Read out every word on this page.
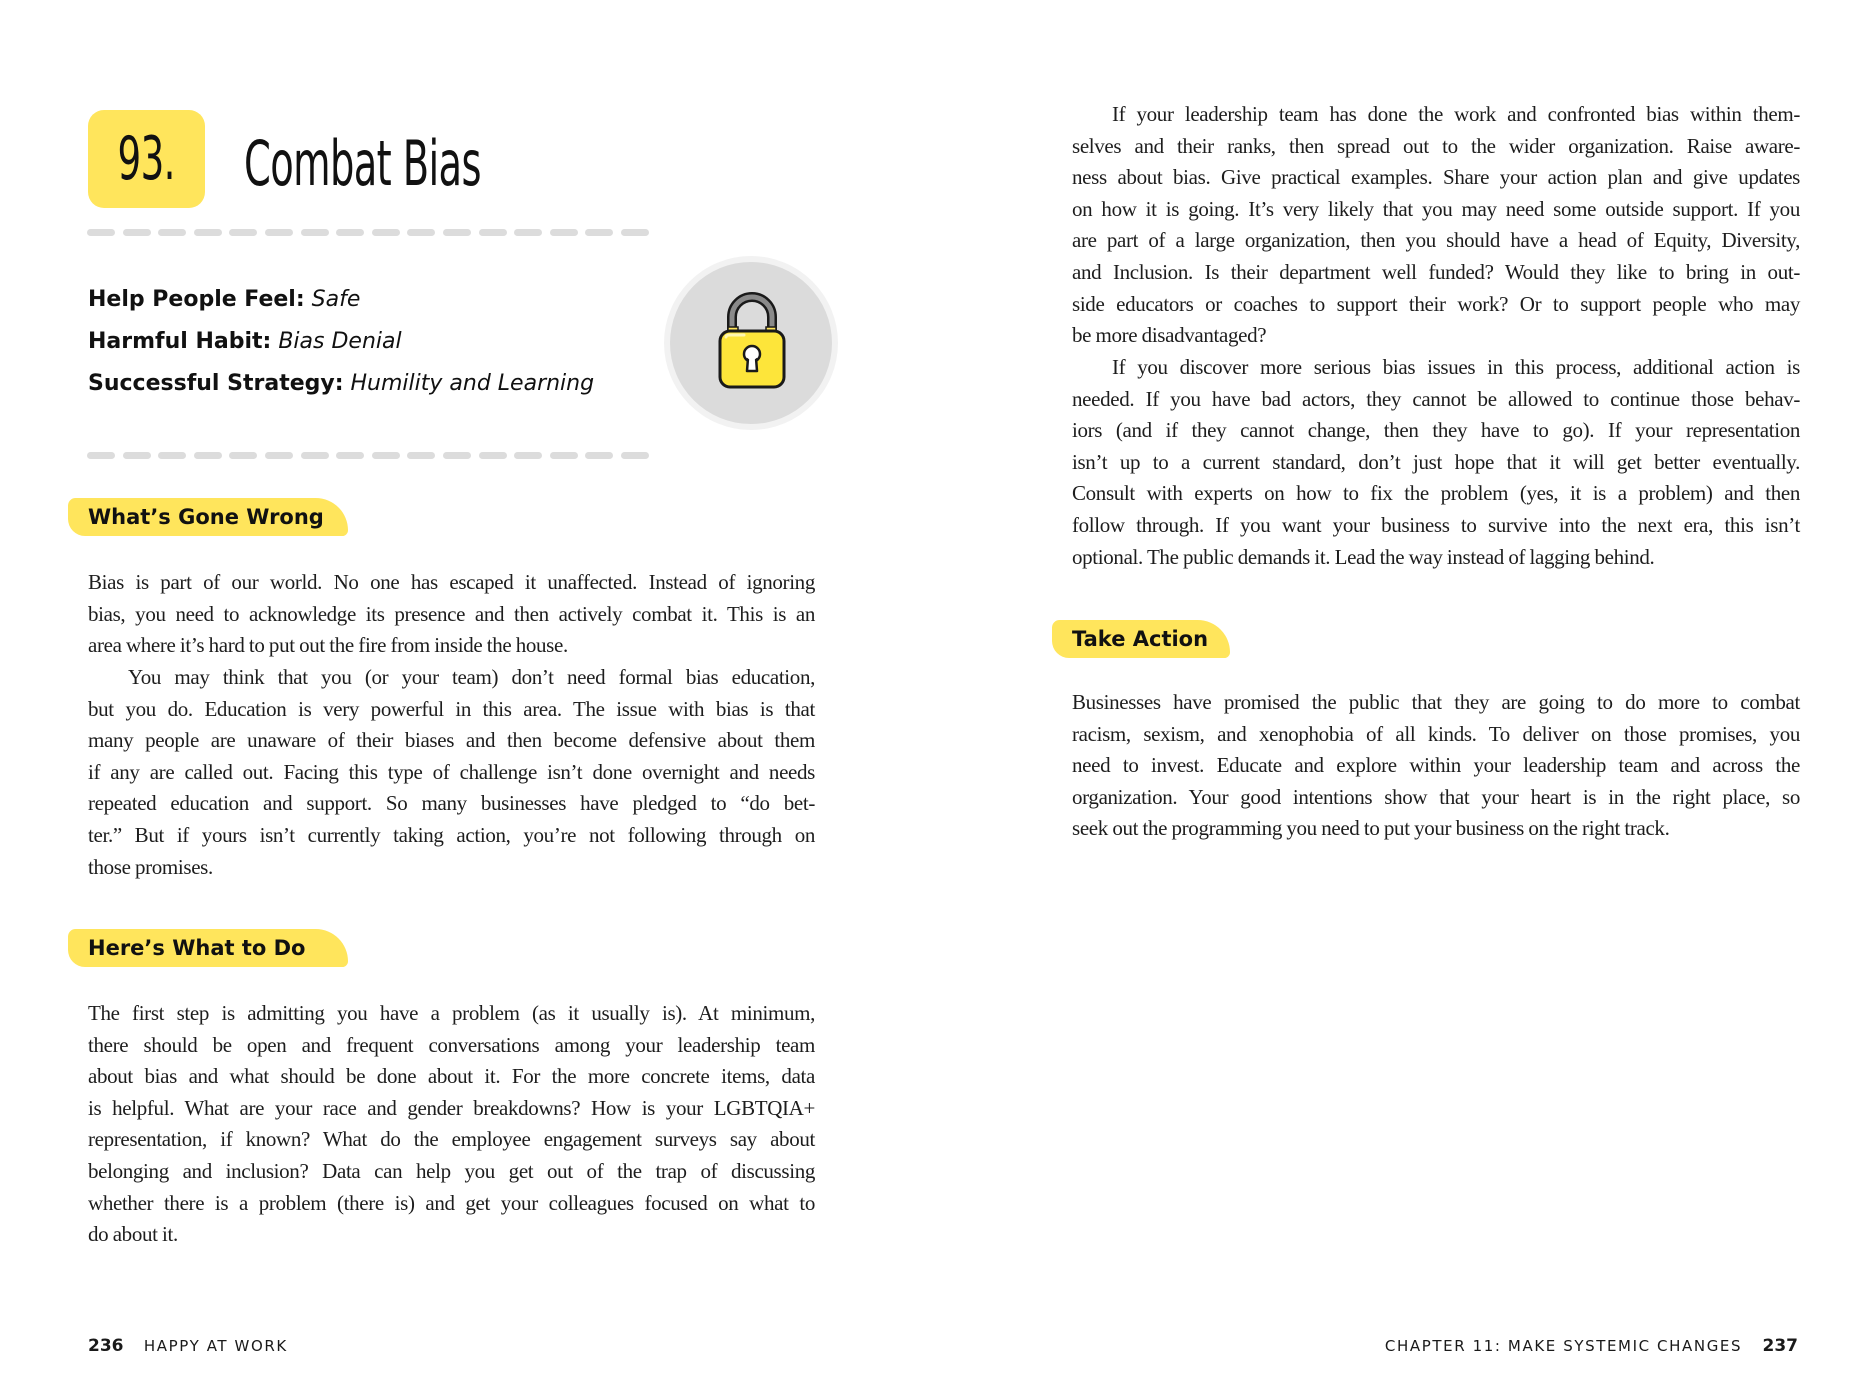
93. Combat Bias
Help People Feel: Safe
Harmful Habit: Bias Denial
Successful Strategy: Humility and Learning
What’s Gone Wrong
Bias is part of our world. No one has escaped it unaffected. Instead of ignoring
bias, you need to acknowledge its presence and then actively combat it. This is an
area where it’s hard to put out the fire from inside the house.
You may think that you (or your team) don’t need formal bias education,
but you do. Education is very powerful in this area. The issue with bias is that
many people are unaware of their biases and then become defensive about them
if any are called out. Facing this type of challenge isn’t done overnight and needs
repeated education and support. So many businesses have pledged to “do bet-
ter.” But if yours isn’t currently taking action, you’re not following through on
those promises.
Here’s What to Do
The first step is admitting you have a problem (as it usually is). At minimum,
there should be open and frequent conversations among your leadership team
about bias and what should be done about it. For the more concrete items, data
is helpful. What are your race and gender breakdowns? How is your LGBTQIA+
representation, if known? What do the employee engagement surveys say about
belonging and inclusion? Data can help you get out of the trap of discussing
whether there is a problem (there is) and get your colleagues focused on what to
do about it.
If your leadership team has done the work and confronted bias within them-
selves and their ranks, then spread out to the wider organization. Raise aware-
ness about bias. Give practical examples. Share your action plan and give updates
on how it is going. It’s very likely that you may need some outside support. If you
are part of a large organization, then you should have a head of Equity, Diversity,
and Inclusion. Is their department well funded? Would they like to bring in out-
side educators or coaches to support their work? Or to support people who may
be more disadvantaged?
If you discover more serious bias issues in this process, additional action is
needed. If you have bad actors, they cannot be allowed to continue those behav-
iors (and if they cannot change, then they have to go). If your representation
isn’t up to a current standard, don’t just hope that it will get better eventually.
Consult with experts on how to fix the problem (yes, it is a problem) and then
follow through. If you want your business to survive into the next era, this isn’t
optional. The public demands it. Lead the way instead of lagging behind.
Take Action
Businesses have promised the public that they are going to do more to combat
racism, sexism, and xenophobia of all kinds. To deliver on those promises, you
need to invest. Educate and explore within your leadership team and across the
organization. Your good intentions show that your heart is in the right place, so
seek out the programming you need to put your business on the right track.
236 HAPPY AT WORK	CHAPTER 11: MAKE SYSTEMIC CHANGES 237
